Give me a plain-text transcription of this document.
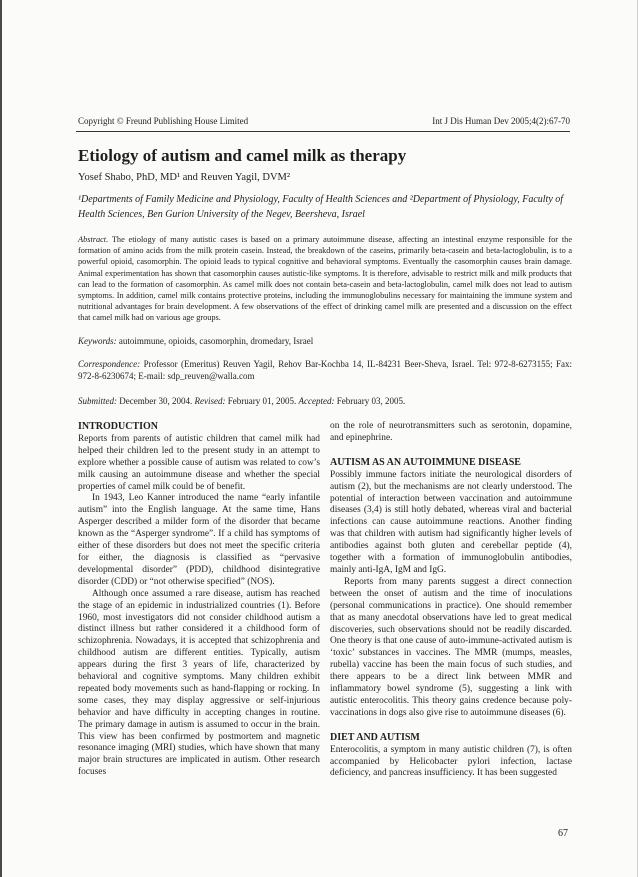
Copyright © Freund Publishing House Limited	Int J Dis Human Dev 2005;4(2):67-70
Etiology of autism and camel milk as therapy
Yosef Shabo, PhD, MD¹ and Reuven Yagil, DVM²
¹Departments of Family Medicine and Physiology, Faculty of Health Sciences and ²Department of Physiology, Faculty of Health Sciences, Ben Gurion University of the Negev, Beersheva, Israel
Abstract. The etiology of many autistic cases is based on a primary autoimmune disease, affecting an intestinal enzyme responsible for the formation of amino acids from the milk protein casein. Instead, the breakdown of the caseins, primarily beta-casein and beta-lactoglobulin, is to a powerful opioid, casomorphin. The opioid leads to typical cognitive and behavioral symptoms. Eventually the casomorphin causes brain damage. Animal experimentation has shown that casomorphin causes autistic-like symptoms. It is therefore, advisable to restrict milk and milk products that can lead to the formation of casomorphin. As camel milk does not contain beta-casein and beta-lactoglobulin, camel milk does not lead to autism symptoms. In addition, camel milk contains protective proteins, including the immunoglobulins necessary for maintaining the immune system and nutritional advantages for brain development. A few observations of the effect of drinking camel milk are presented and a discussion on the effect that camel milk had on various age groups.
Keywords: autoimmune, opioids, casomorphin, dromedary, Israel
Correspondence: Professor (Emeritus) Reuven Yagil, Rehov Bar-Kochba 14, IL-84231 Beer-Sheva, Israel. Tel: 972-8-6273155; Fax: 972-8-6230674; E-mail: sdp_reuven@walla.com
Submitted: December 30, 2004. Revised: February 01, 2005. Accepted: February 03, 2005.
INTRODUCTION

Reports from parents of autistic children that camel milk had helped their children led to the present study in an attempt to explore whether a possible cause of autism was related to cow’s milk causing an autoimmune disease and whether the special properties of camel milk could be of benefit.

In 1943, Leo Kanner introduced the name “early infantile autism” into the English language. At the same time, Hans Asperger described a milder form of the disorder that became known as the “Asperger syndrome”. If a child has symptoms of either of these disorders but does not meet the specific criteria for either, the diagnosis is classified as “pervasive developmental disorder” (PDD), childhood disintegrative disorder (CDD) or “not otherwise specified” (NOS).

Although once assumed a rare disease, autism has reached the stage of an epidemic in industrialized countries (1). Before 1960, most investigators did not consider childhood autism a distinct illness but rather considered it a childhood form of schizophrenia. Nowadays, it is accepted that schizophrenia and childhood autism are different entities. Typically, autism appears during the first 3 years of life, characterized by behavioral and cognitive symptoms. Many children exhibit repeated body movements such as hand-flapping or rocking. In some cases, they may display aggressive or self-injurious behavior and have difficulty in accepting changes in routine. The primary damage in autism is assumed to occur in the brain. This view has been confirmed by postmortem and magnetic resonance imaging (MRI) studies, which have shown that many major brain structures are implicated in autism. Other research focuses

on the role of neurotransmitters such as serotonin, dopamine, and epinephrine.

AUTISM AS AN AUTOIMMUNE DISEASE

Possibly immune factors initiate the neurological disorders of autism (2), but the mechanisms are not clearly understood. The potential of interaction between vaccination and autoimmune diseases (3,4) is still hotly debated, whereas viral and bacterial infections can cause autoimmune reactions. Another finding was that children with autism had significantly higher levels of antibodies against both gluten and cerebellar peptide (4), together with a formation of immunoglobulin antibodies, mainly anti-IgA, IgM and IgG.

Reports from many parents suggest a direct connection between the onset of autism and the time of inoculations (personal communications in practice). One should remember that as many anecdotal observations have led to great medical discoveries, such observations should not be readily discarded. One theory is that one cause of auto-immune-activated autism is ‘toxic’ substances in vaccines. The MMR (mumps, measles, rubella) vaccine has been the main focus of such studies, and there appears to be a direct link between MMR and inflammatory bowel syndrome (5), suggesting a link with autistic enterocolitis. This theory gains credence because poly-vaccinations in dogs also give rise to autoimmune diseases (6).

DIET AND AUTISM

Enterocolitis, a symptom in many autistic children (7), is often accompanied by Helicobacter pylori infection, lactase deficiency, and pancreas insufficiency. It has been suggested

67
